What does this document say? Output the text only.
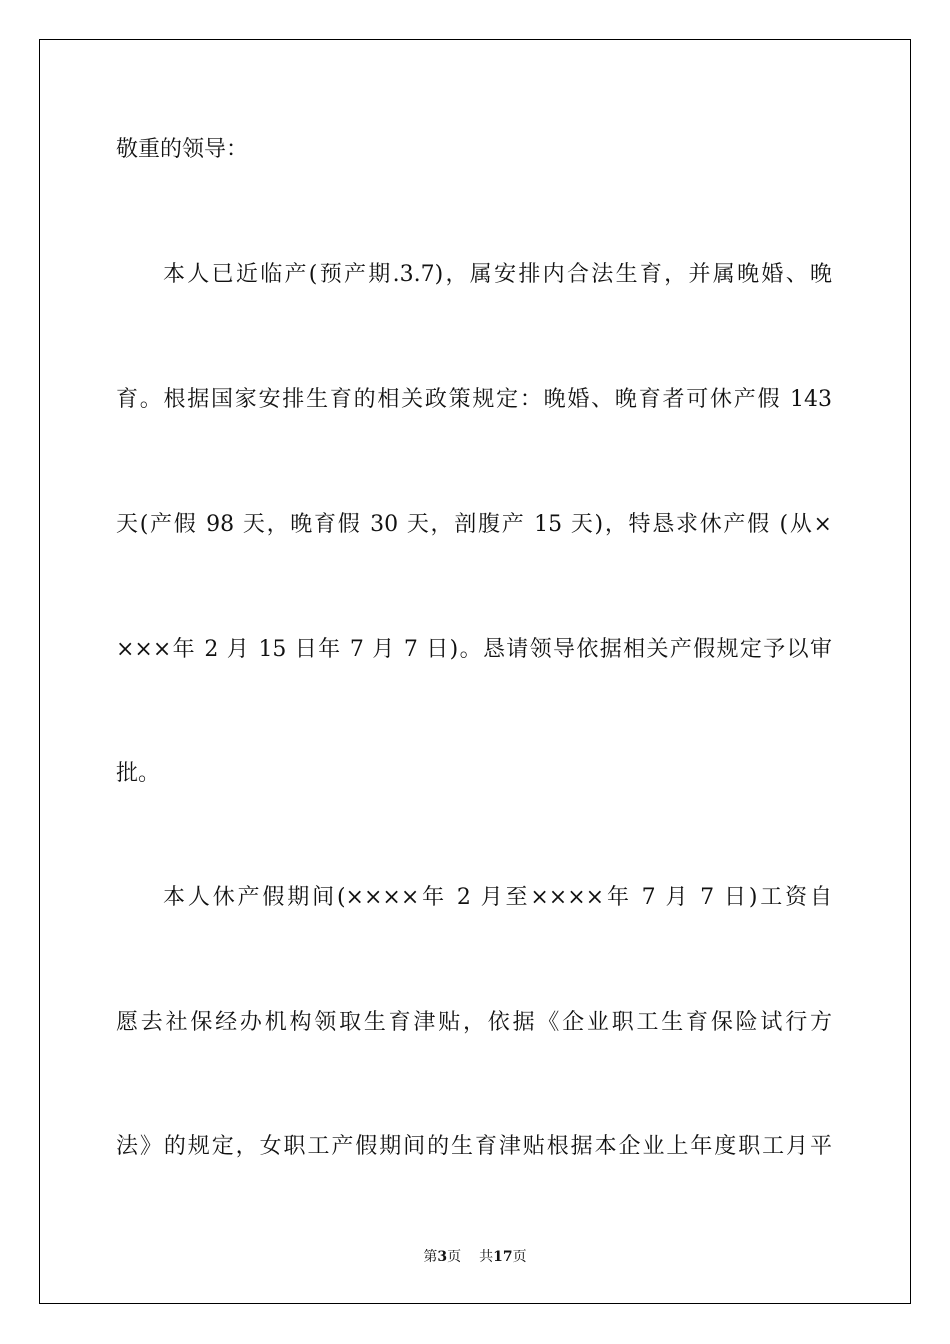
敬重的领导：
本人已近临产(预产期.3.7)，属安排内合法生育，并属晚婚、晚
育。根据国家安排生育的相关政策规定：晚婚、晚育者可休产假 143
天(产假 98 天，晚育假 30 天，剖腹产 15 天)，特恳求休产假 (从×
×××年 2 月 15 日年 7 月 7 日)。恳请领导依据相关产假规定予以审
批。
本人休产假期间(××××年 2 月至××××年 7 月 7 日)工资自
愿去社保经办机构领取生育津贴，依据《企业职工生育保险试行方
法》的规定，女职工产假期间的生育津贴根据本企业上年度职工月平
第3页 共17页
